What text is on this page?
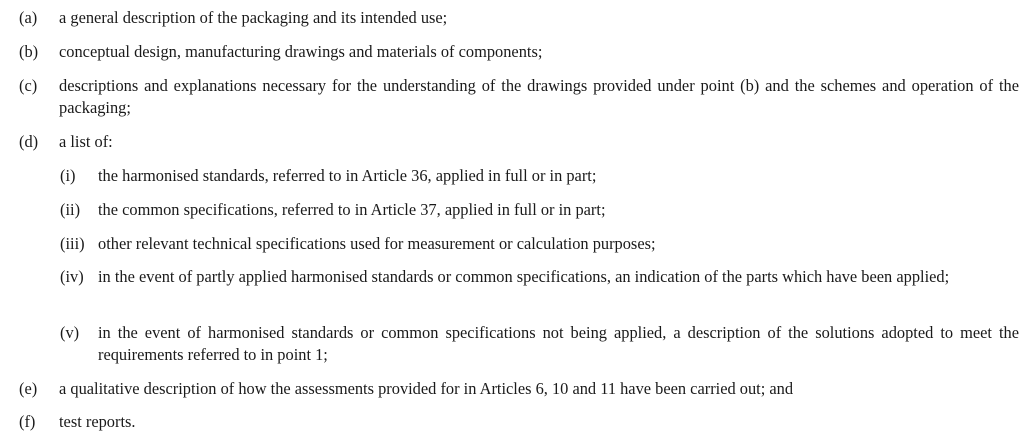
(a)	a general description of the packaging and its intended use;
(b)	conceptual design, manufacturing drawings and materials of components;
(c)	descriptions and explanations necessary for the understanding of the drawings provided under point (b) and the schemes and operation of the packaging;
(d)	a list of:
(i)	the harmonised standards, referred to in Article 36, applied in full or in part;
(ii)	the common specifications, referred to in Article 37, applied in full or in part;
(iii) other relevant technical specifications used for measurement or calculation purposes;
(iv) in the event of partly applied harmonised standards or common specifications, an indication of the parts which have been applied;
(v)	in the event of harmonised standards or common specifications not being applied, a description of the solutions adopted to meet the requirements referred to in point 1;
(e)	a qualitative description of how the assessments provided for in Articles 6, 10 and 11 have been carried out; and
(f)	test reports.
